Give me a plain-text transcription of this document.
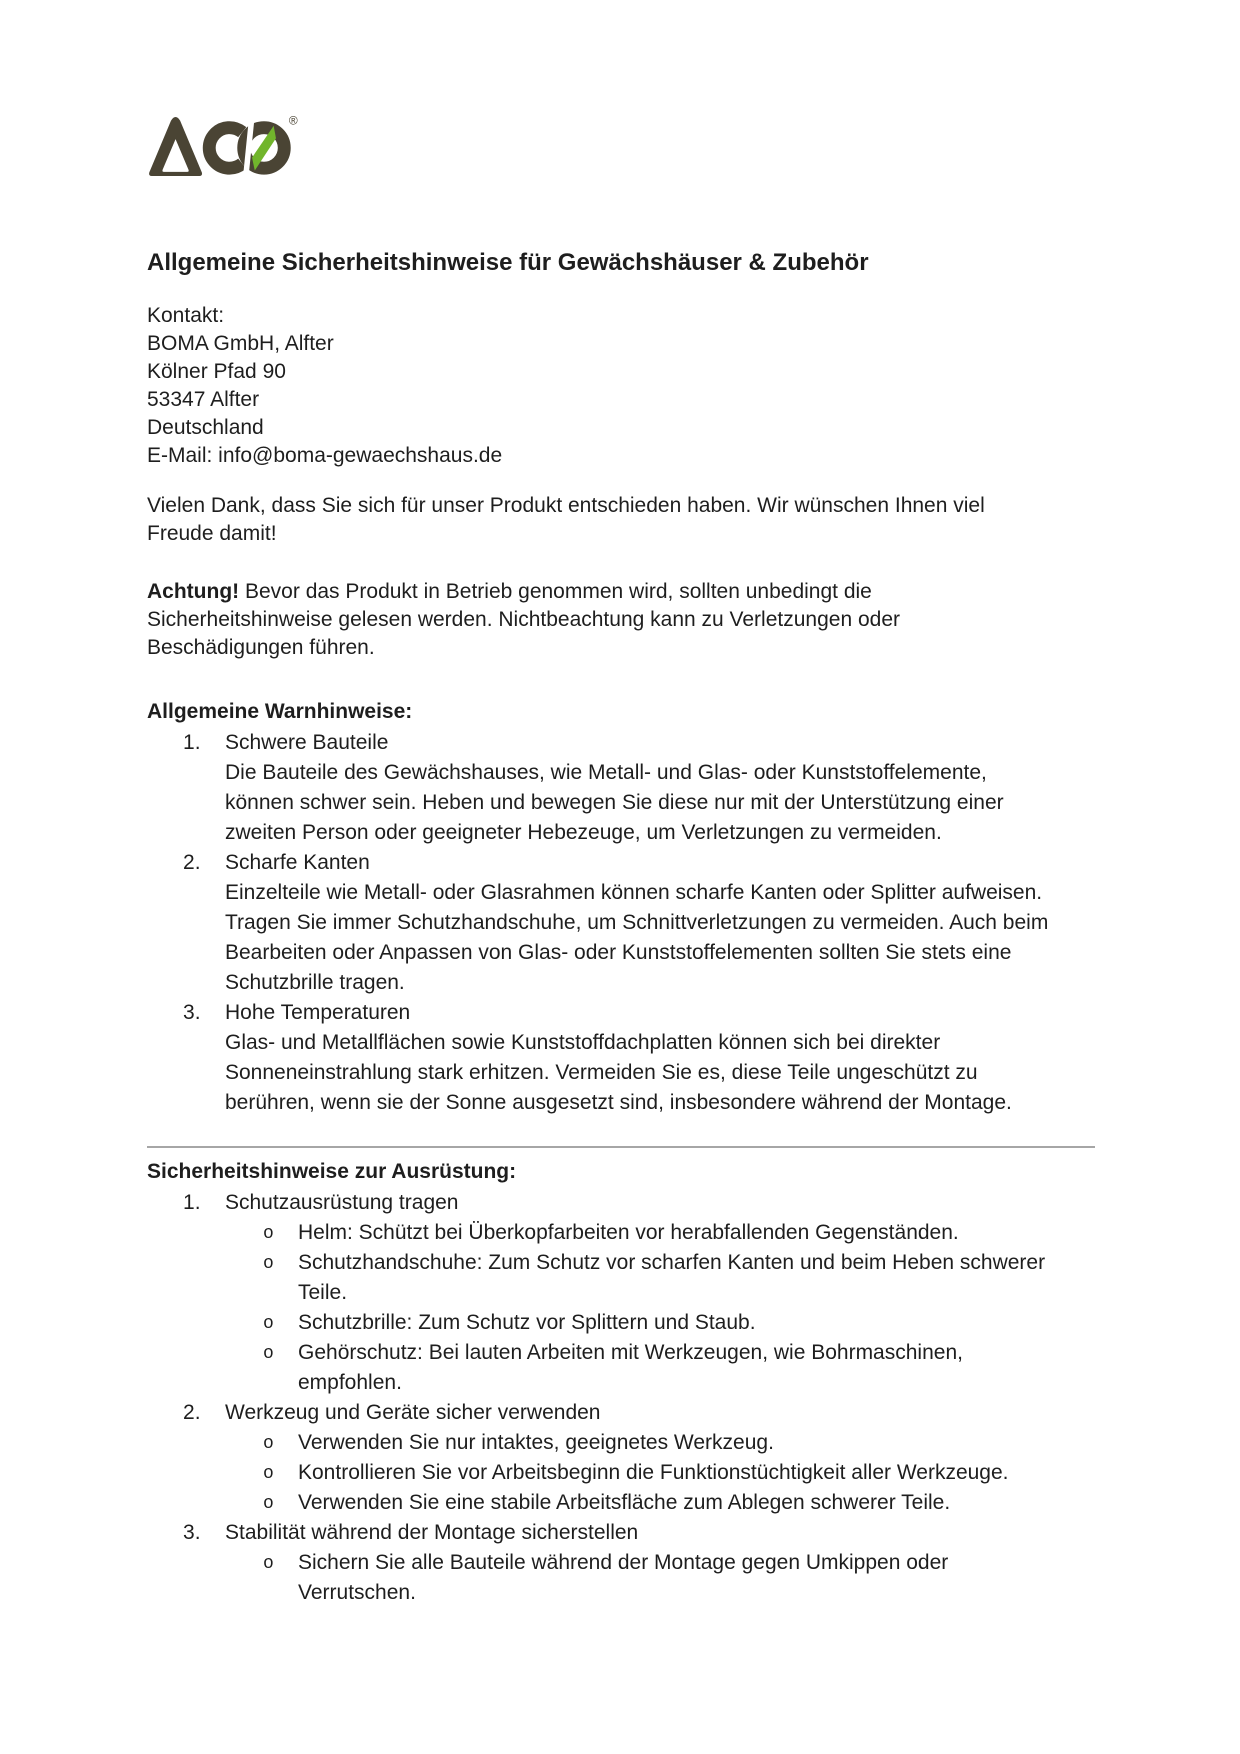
®
Allgemeine Sicherheitshinweise für Gewächshäuser & Zubehör
Kontakt:
BOMA GmbH, Alfter
Kölner Pfad 90
53347 Alfter
Deutschland
E-Mail: info@boma-gewaechshaus.de
Vielen Dank, dass Sie sich für unser Produkt entschieden haben. Wir wünschen Ihnen viel
Freude damit!
Achtung! Bevor das Produkt in Betrieb genommen wird, sollten unbedingt die
Sicherheitshinweise gelesen werden. Nichtbeachtung kann zu Verletzungen oder
Beschädigungen führen.
Allgemeine Warnhinweise:
Schwere Bauteile
Die Bauteile des Gewächshauses, wie Metall- und Glas- oder Kunststoffelemente,
können schwer sein. Heben und bewegen Sie diese nur mit der Unterstützung einer
zweiten Person oder geeigneter Hebezeuge, um Verletzungen zu vermeiden.
Scharfe Kanten
Einzelteile wie Metall- oder Glasrahmen können scharfe Kanten oder Splitter aufweisen.
Tragen Sie immer Schutzhandschuhe, um Schnittverletzungen zu vermeiden. Auch beim
Bearbeiten oder Anpassen von Glas- oder Kunststoffelementen sollten Sie stets eine
Schutzbrille tragen.
Hohe Temperaturen
Glas- und Metallflächen sowie Kunststoffdachplatten können sich bei direkter
Sonneneinstrahlung stark erhitzen. Vermeiden Sie es, diese Teile ungeschützt zu
berühren, wenn sie der Sonne ausgesetzt sind, insbesondere während der Montage.
Sicherheitshinweise zur Ausrüstung:
Schutzausrüstung tragen
o Helm: Schützt bei Überkopfarbeiten vor herabfallenden Gegenständen.
o Schutzhandschuhe: Zum Schutz vor scharfen Kanten und beim Heben schwerer
Teile.
o Schutzbrille: Zum Schutz vor Splittern und Staub.
o Gehörschutz: Bei lauten Arbeiten mit Werkzeugen, wie Bohrmaschinen,
empfohlen.
Werkzeug und Geräte sicher verwenden
o Verwenden Sie nur intaktes, geeignetes Werkzeug.
o Kontrollieren Sie vor Arbeitsbeginn die Funktionstüchtigkeit aller Werkzeuge.
o Verwenden Sie eine stabile Arbeitsfläche zum Ablegen schwerer Teile.
Stabilität während der Montage sicherstellen
o Sichern Sie alle Bauteile während der Montage gegen Umkippen oder
Verrutschen.
